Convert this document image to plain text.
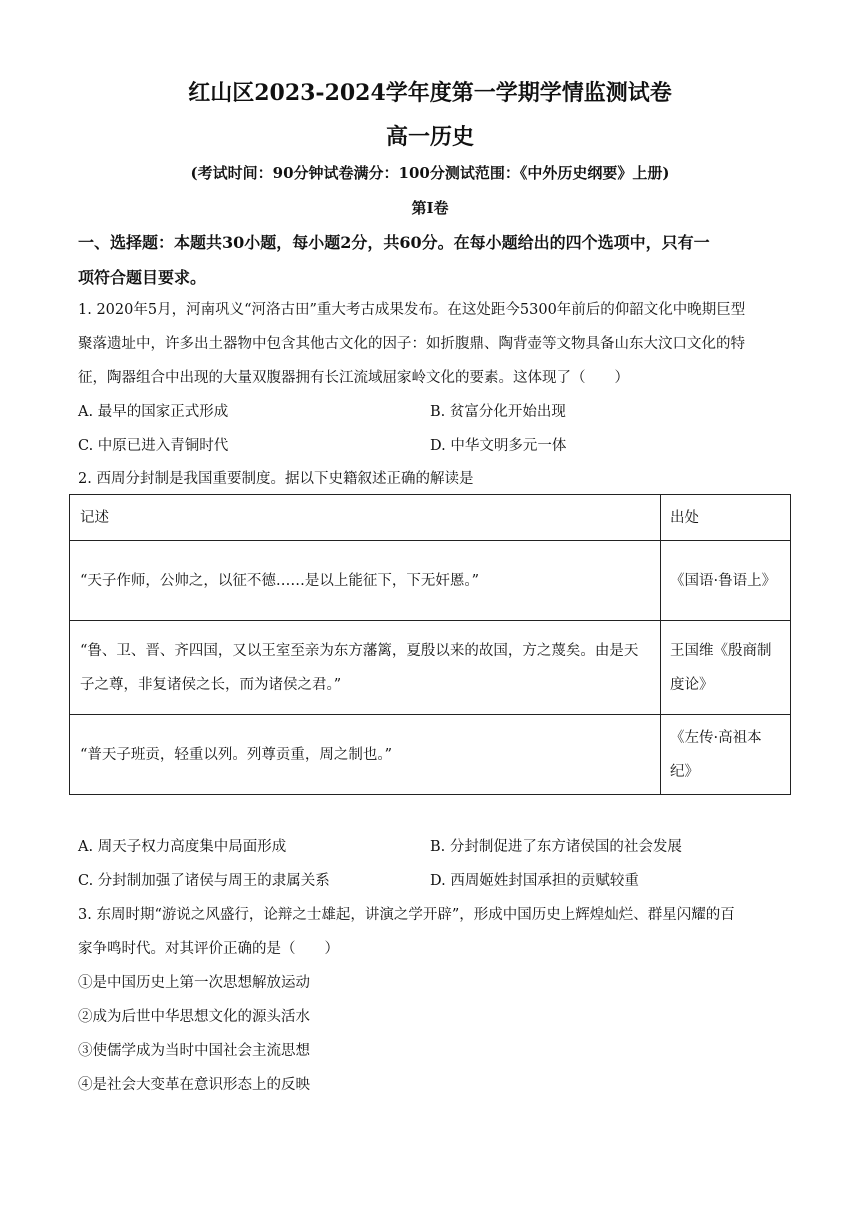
红山区2023-2024学年度第一学期学情监测试卷
高一历史
(考试时间：90分钟试卷满分：100分测试范围：《中外历史纲要》上册)
第Ⅰ卷
一、选择题：本题共30小题，每小题2分，共60分。在每小题给出的四个选项中，只有一
项符合题目要求。
1. 2020年5月，河南巩义“河洛古田”重大考古成果发布。在这处距今5300年前后的仰韶文化中晚期巨型
聚落遗址中，许多出土器物中包含其他古文化的因子：如折腹鼎、陶背壶等文物具备山东大汶口文化的特
征，陶器组合中出现的大量双腹器拥有长江流域屈家岭文化的要素。这体现了（　　）
A. 最早的国家正式形成	B. 贫富分化开始出现
C. 中原已进入青铜时代	D. 中华文明多元一体
2. 西周分封制是我国重要制度。据以下史籍叙述正确的解读是
记述	出处
“天子作师，公帅之，以征不德……是以上能征下，下无奸慝。”	《国语·鲁语上》
“鲁、卫、晋、齐四国，又以王室至亲为东方藩篱，夏殷以来的故国，方之蔑矣。由是天子之尊，非复诸侯之长，而为诸侯之君。”	王国维《殷商制度论》
“普天子班贡，轻重以列。列尊贡重，周之制也。”	《左传·高祖本纪》
A. 周天子权力高度集中局面形成	B. 分封制促进了东方诸侯国的社会发展
C. 分封制加强了诸侯与周王的隶属关系	D. 西周姬姓封国承担的贡赋较重
3. 东周时期“游说之风盛行，论辩之士雄起，讲演之学开辟”，形成中国历史上辉煌灿烂、群星闪耀的百
家争鸣时代。对其评价正确的是（　　）
①是中国历史上第一次思想解放运动
②成为后世中华思想文化的源头活水
③使儒学成为当时中国社会主流思想
④是社会大变革在意识形态上的反映
